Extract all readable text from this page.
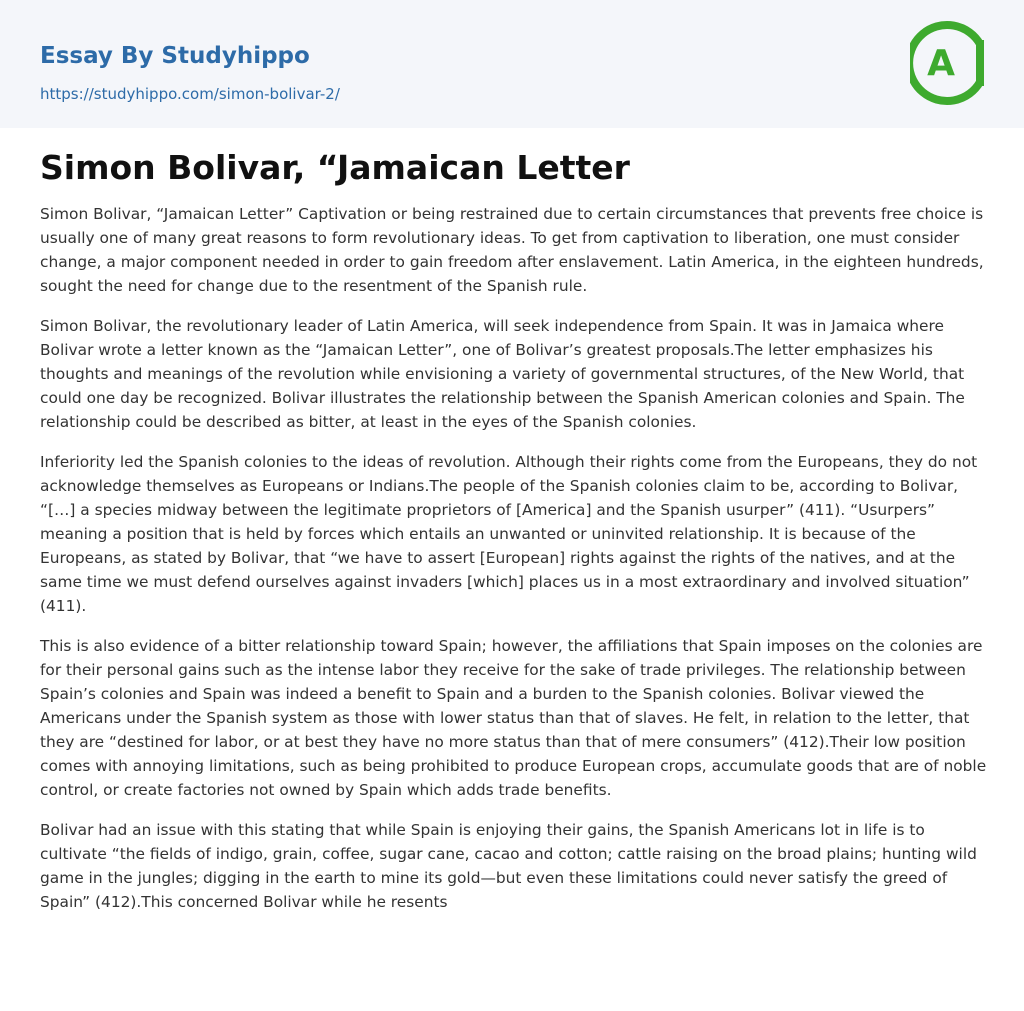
Essay By Studyhippo
https://studyhippo.com/simon-bolivar-2/
A
Simon Bolivar, “Jamaican Letter

Simon Bolivar, “Jamaican Letter” Captivation or being restrained due to certain circumstances that prevents free choice is usually one of many great reasons to form revolutionary ideas. To get from captivation to liberation, one must consider change, a major component needed in order to gain freedom after enslavement. Latin America, in the eighteen hundreds, sought the need for change due to the resentment of the Spanish rule.

Simon Bolivar, the revolutionary leader of Latin America, will seek independence from Spain. It was in Jamaica where Bolivar wrote a letter known as the “Jamaican Letter”, one of Bolivar’s greatest proposals.The letter emphasizes his thoughts and meanings of the revolution while envisioning a variety of governmental structures, of the New World, that could one day be recognized. Bolivar illustrates the relationship between the Spanish American colonies and Spain. The relationship could be described as bitter, at least in the eyes of the Spanish colonies.

Inferiority led the Spanish colonies to the ideas of revolution. Although their rights come from the Europeans, they do not acknowledge themselves as Europeans or Indians.The people of the Spanish colonies claim to be, according to Bolivar, “[…] a species midway between the legitimate proprietors of [America] and the Spanish usurper” (411). “Usurpers” meaning a position that is held by forces which entails an unwanted or uninvited relationship. It is because of the Europeans, as stated by Bolivar, that “we have to assert [European] rights against the rights of the natives, and at the same time we must defend ourselves against invaders [which] places us in a most extraordinary and involved situation” (411).

This is also evidence of a bitter relationship toward Spain; however, the affiliations that Spain imposes on the colonies are for their personal gains such as the intense labor they receive for the sake of trade privileges. The relationship between Spain’s colonies and Spain was indeed a benefit to Spain and a burden to the Spanish colonies. Bolivar viewed the Americans under the Spanish system as those with lower status than that of slaves. He felt, in relation to the letter, that they are “destined for labor, or at best they have no more status than that of mere consumers” (412).Their low position comes with annoying limitations, such as being prohibited to produce European crops, accumulate goods that are of noble control, or create factories not owned by Spain which adds trade benefits.

Bolivar had an issue with this stating that while Spain is enjoying their gains, the Spanish Americans lot in life is to cultivate “the fields of indigo, grain, coffee, sugar cane, cacao and cotton; cattle raising on the broad plains; hunting wild game in the jungles; digging in the earth to mine its gold—but even these limitations could never satisfy the greed of Spain” (412).This concerned Bolivar while he resents
